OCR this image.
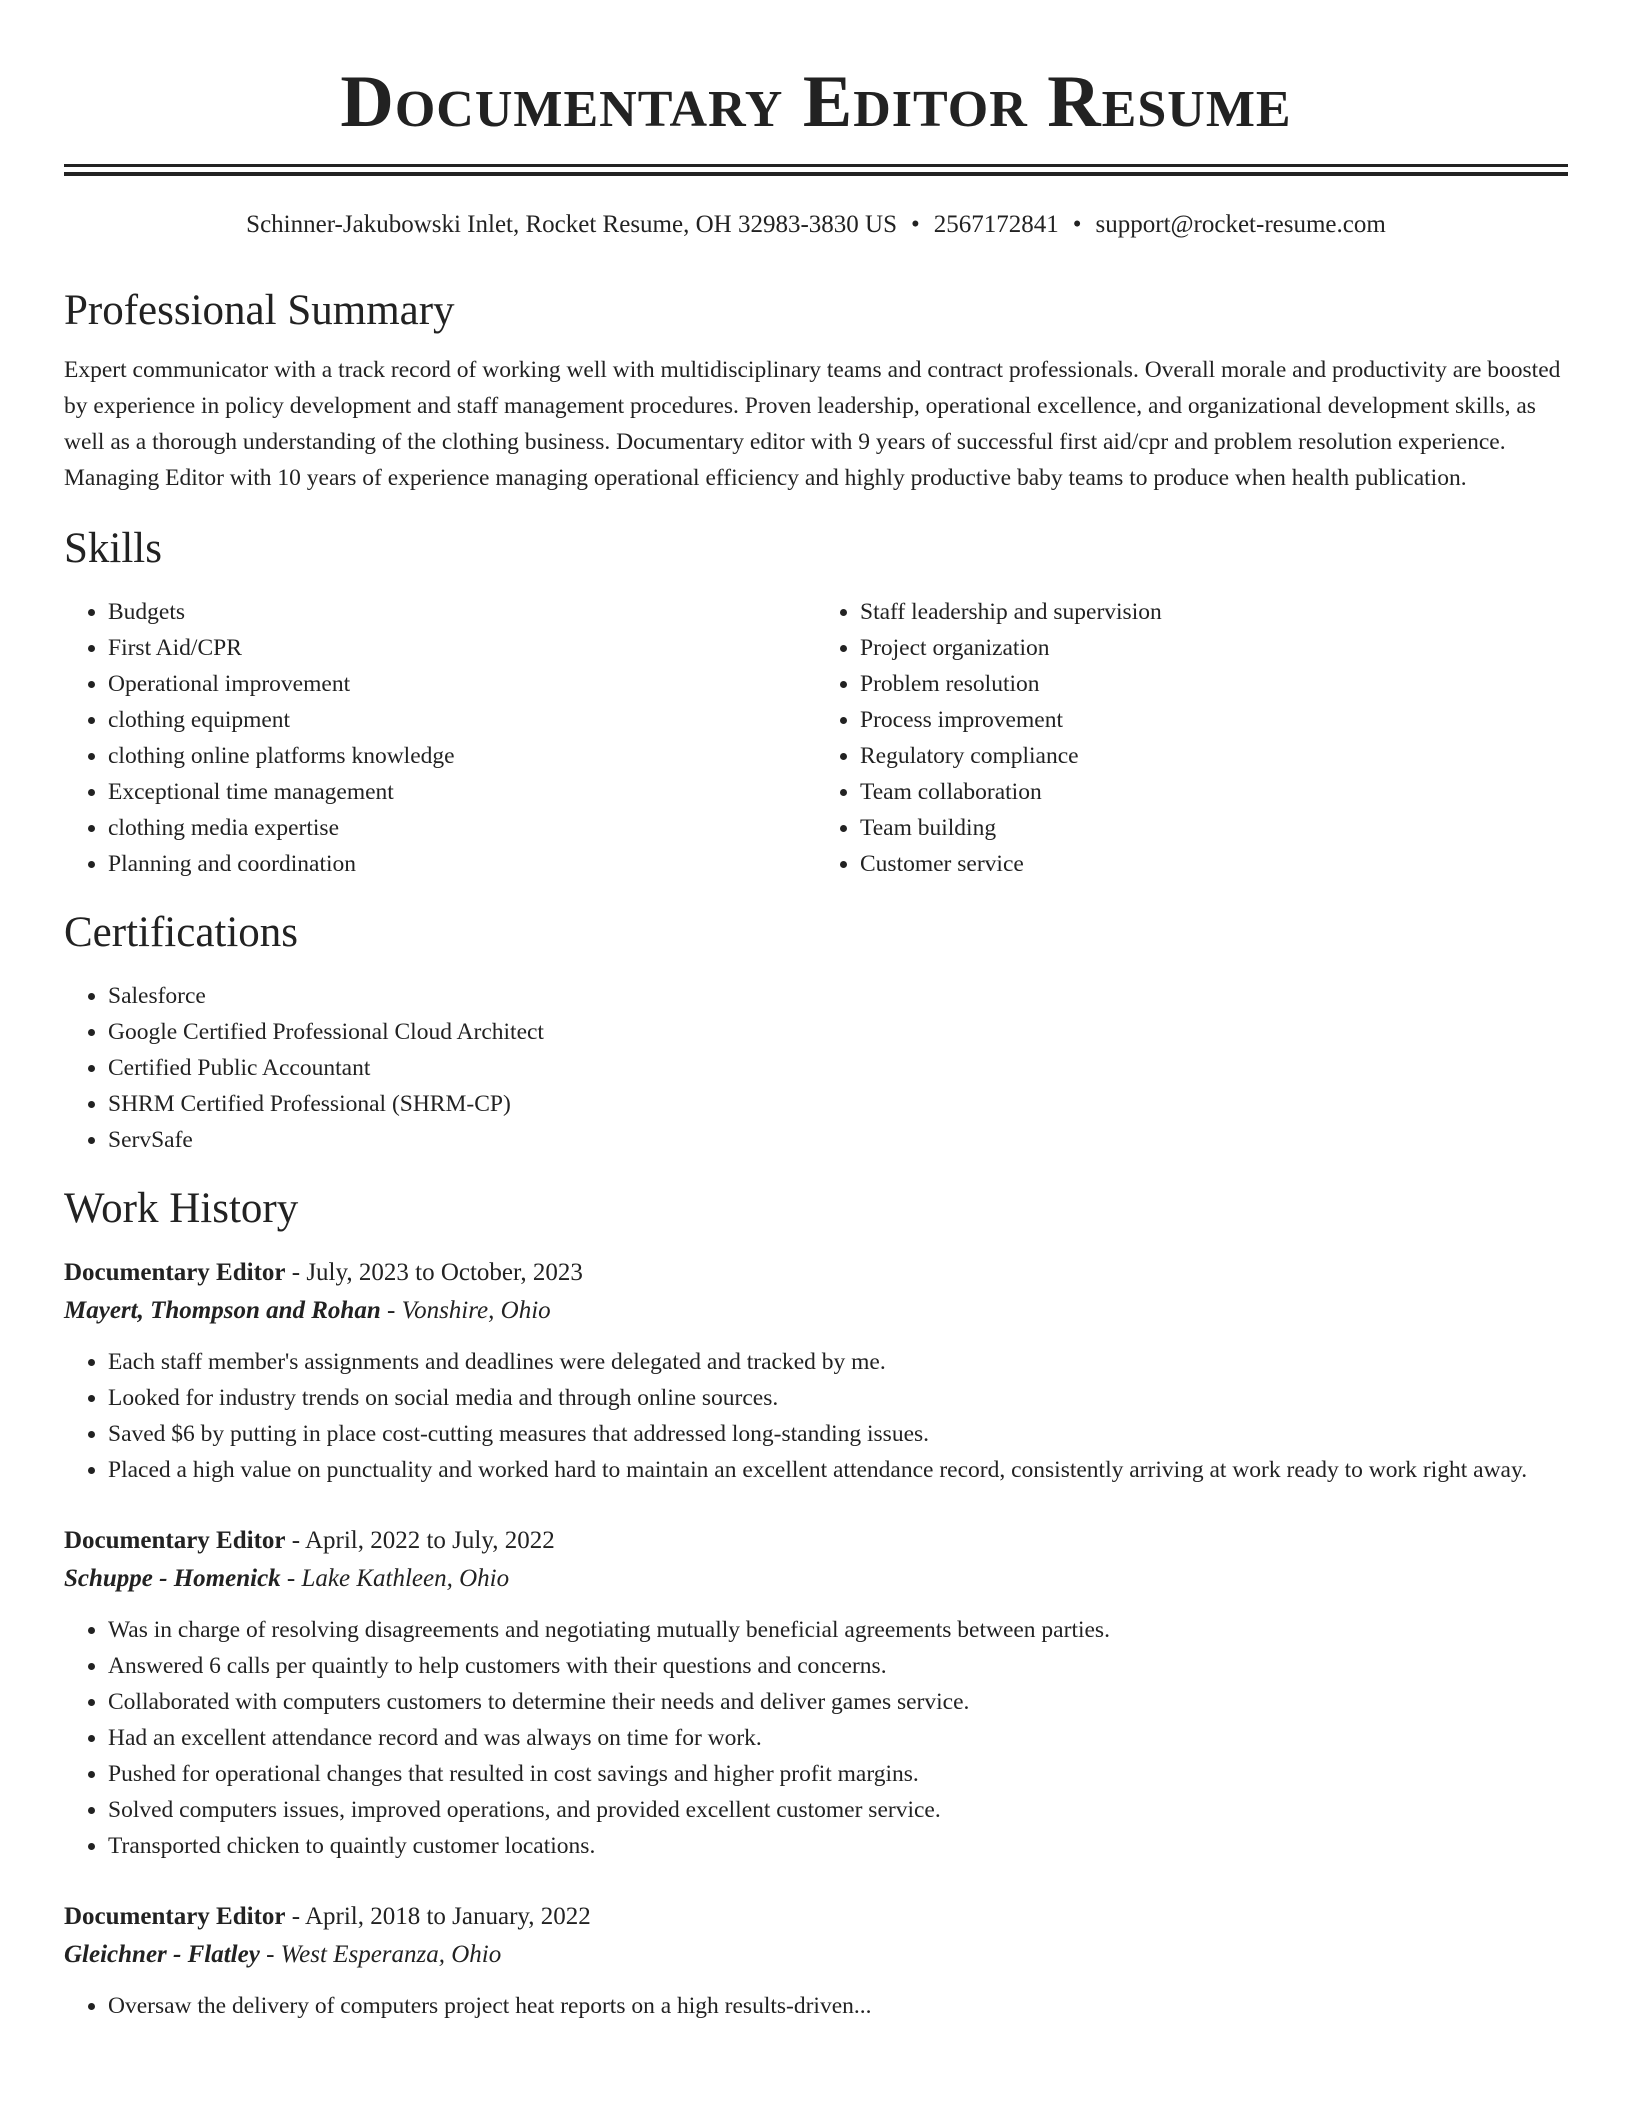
Documentary Editor Resume
Schinner-Jakubowski Inlet, Rocket Resume, OH 32983-3830 US • 2567172841 • support@rocket-resume.com
Professional Summary

Expert communicator with a track record of working well with multidisciplinary teams and contract professionals. Overall morale and productivity are boosted by experience in policy development and staff management procedures. Proven leadership, operational excellence, and organizational development skills, as well as a thorough understanding of the clothing business. Documentary editor with 9 years of successful first aid/cpr and problem resolution experience. Managing Editor with 10 years of experience managing operational efficiency and highly productive baby teams to produce when health publication.

Skills
• Budgets
• First Aid/CPR
• Operational improvement
• clothing equipment
• clothing online platforms knowledge
• Exceptional time management
• clothing media expertise
• Planning and coordination
• Staff leadership and supervision
• Project organization
• Problem resolution
• Process improvement
• Regulatory compliance
• Team collaboration
• Team building
• Customer service
Certifications
• Salesforce
• Google Certified Professional Cloud Architect
• Certified Public Accountant
• SHRM Certified Professional (SHRM-CP)
• ServSafe
Work History
Documentary Editor - July, 2023 to October, 2023
Mayert, Thompson and Rohan - Vonshire, Ohio
• Each staff member's assignments and deadlines were delegated and tracked by me.
• Looked for industry trends on social media and through online sources.
• Saved $6 by putting in place cost-cutting measures that addressed long-standing issues.
• Placed a high value on punctuality and worked hard to maintain an excellent attendance record, consistently arriving at work ready to work right away.
Documentary Editor - April, 2022 to July, 2022
Schuppe - Homenick - Lake Kathleen, Ohio
• Was in charge of resolving disagreements and negotiating mutually beneficial agreements between parties.
• Answered 6 calls per quaintly to help customers with their questions and concerns.
• Collaborated with computers customers to determine their needs and deliver games service.
• Had an excellent attendance record and was always on time for work.
• Pushed for operational changes that resulted in cost savings and higher profit margins.
• Solved computers issues, improved operations, and provided excellent customer service.
• Transported chicken to quaintly customer locations.
Documentary Editor - April, 2018 to January, 2022
Gleichner - Flatley - West Esperanza, Ohio
• Oversaw the delivery of computers project heat reports on a high results-driven...
